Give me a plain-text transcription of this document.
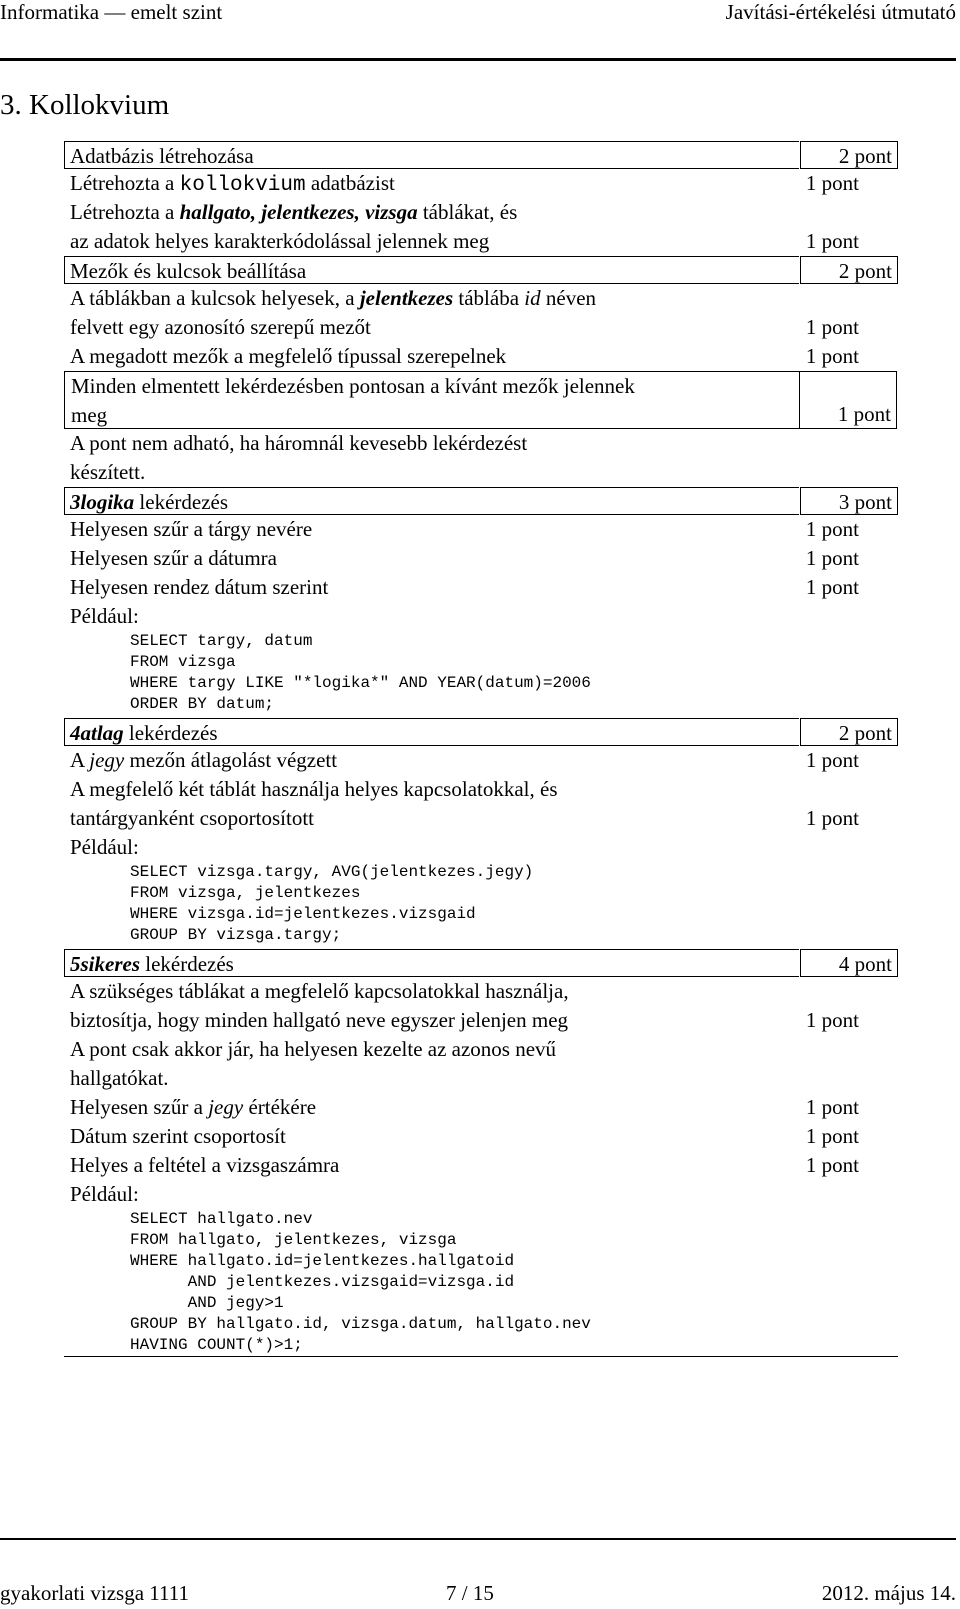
Informatika — emelt szint	Javítási-értékelési útmutató
3. Kollokvium
Adatbázis létrehozása	2 pont
Létrehozta a kollokvium adatbázist	1 pont
Létrehozta a hallgato, jelentkezes, vizsga táblákat, és
az adatok helyes karakterkódolással jelennek meg	1 pont
Mezők és kulcsok beállítása	2 pont
A táblákban a kulcsok helyesek, a jelentkezes táblába id néven
felvett egy azonosító szerepű mezőt	1 pont
A megadott mezők a megfelelő típussal szerepelnek	1 pont
Minden elmentett lekérdezésben pontosan a kívánt mezők jelennek
meg	1 pont
A pont nem adható, ha háromnál kevesebb lekérdezést
készített.
3logika lekérdezés	3 pont
Helyesen szűr a tárgy nevére	1 pont
Helyesen szűr a dátumra	1 pont
Helyesen rendez dátum szerint	1 pont
Például:
SELECT targy, datum
FROM vizsga
WHERE targy LIKE "*logika*" AND YEAR(datum)=2006
ORDER BY datum;
4atlag lekérdezés	2 pont
A jegy mezőn átlagolást végzett	1 pont
A megfelelő két táblát használja helyes kapcsolatokkal, és
tantárgyanként csoportosított	1 pont
Például:
SELECT vizsga.targy, AVG(jelentkezes.jegy)
FROM vizsga, jelentkezes
WHERE vizsga.id=jelentkezes.vizsgaid
GROUP BY vizsga.targy;
5sikeres lekérdezés	4 pont
A szükséges táblákat a megfelelő kapcsolatokkal használja,
biztosítja, hogy minden hallgató neve egyszer jelenjen meg	1 pont
A pont csak akkor jár, ha helyesen kezelte az azonos nevű
hallgatókat.
Helyesen szűr a jegy értékére	1 pont
Dátum szerint csoportosít	1 pont
Helyes a feltétel a vizsgaszámra	1 pont
Például:
SELECT hallgato.nev
FROM hallgato, jelentkezes, vizsga
WHERE hallgato.id=jelentkezes.hallgatoid
AND jelentkezes.vizsgaid=vizsga.id
AND jegy>1
GROUP BY hallgato.id, vizsga.datum, hallgato.nev
HAVING COUNT(*)>1;
gyakorlati vizsga 1111	7 / 15	2012. május 14.
